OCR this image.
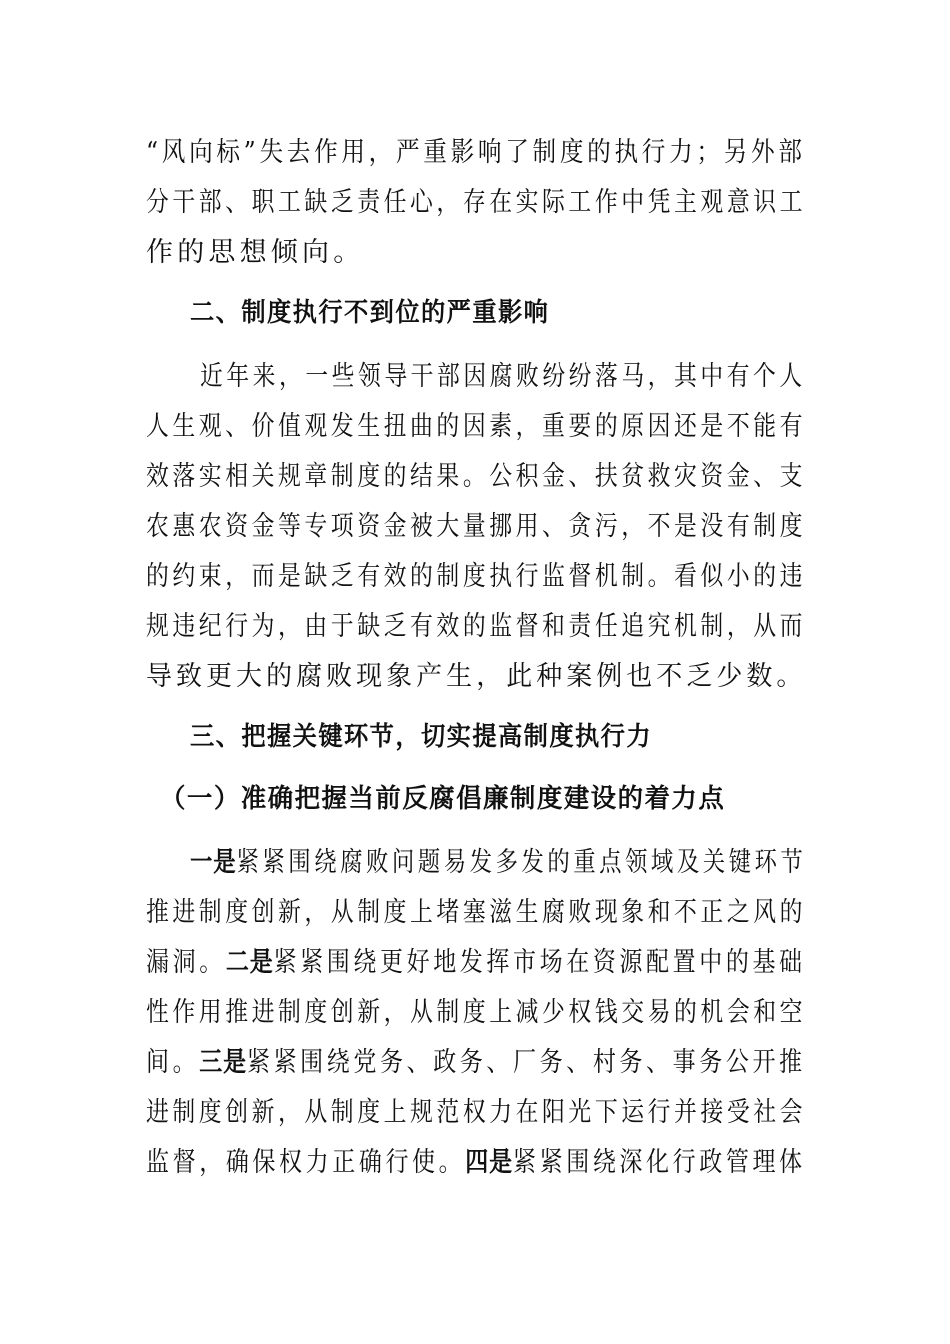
“风向标”失去作用，严重影响了制度的执行力；另外部
分干部、职工缺乏责任心，存在实际工作中凭主观意识工
作的思想倾向。
二、制度执行不到位的严重影响
近年来，一些领导干部因腐败纷纷落马，其中有个人
人生观、价值观发生扭曲的因素，重要的原因还是不能有
效落实相关规章制度的结果。公积金、扶贫救灾资金、支
农惠农资金等专项资金被大量挪用、贪污，不是没有制度
的约束，而是缺乏有效的制度执行监督机制。看似小的违
规违纪行为，由于缺乏有效的监督和责任追究机制，从而
导致更大的腐败现象产生，此种案例也不乏少数。
三、把握关键环节，切实提高制度执行力
（一）准确把握当前反腐倡廉制度建设的着力点
一是紧紧围绕腐败问题易发多发的重点领域及关键环节
推进制度创新，从制度上堵塞滋生腐败现象和不正之风的
漏洞。二是紧紧围绕更好地发挥市场在资源配置中的基础
性作用推进制度创新，从制度上减少权钱交易的机会和空
间。三是紧紧围绕党务、政务、厂务、村务、事务公开推
进制度创新，从制度上规范权力在阳光下运行并接受社会
监督，确保权力正确行使。四是紧紧围绕深化行政管理体
